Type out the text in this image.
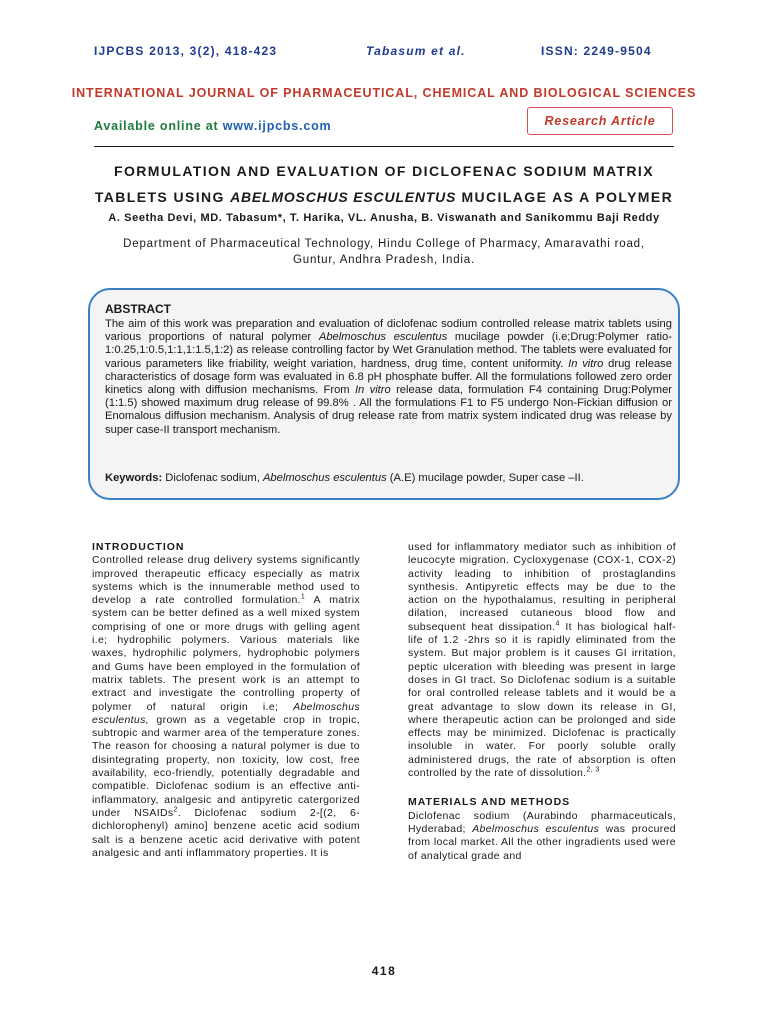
IJPCBS 2013, 3(2), 418-423	Tabasum et al.	ISSN: 2249-9504
INTERNATIONAL JOURNAL OF PHARMACEUTICAL, CHEMICAL AND BIOLOGICAL SCIENCES
Available online at www.ijpcbs.com	Research Article
FORMULATION AND EVALUATION OF DICLOFENAC SODIUM MATRIX
TABLETS USING ABELMOSCHUS ESCULENTUS MUCILAGE AS A POLYMER
A. Seetha Devi, MD. Tabasum*, T. Harika, VL. Anusha, B. Viswanath and Sanikommu Baji Reddy
Department of Pharmaceutical Technology, Hindu College of Pharmacy, Amaravathi road,
Guntur, Andhra Pradesh, India.
ABSTRACT
The aim of this work was preparation and evaluation of diclofenac sodium controlled release matrix tablets using various proportions of natural polymer Abelmoschus esculentus mucilage powder (i.e;Drug:Polymer ratio-1:0.25,1:0.5,1:1,1:1.5,1:2) as release controlling factor by Wet Granulation method. The tablets were evaluated for various parameters like friability, weight variation, hardness, drug time, content uniformity. In vitro drug release characteristics of dosage form was evaluated in 6.8 pH phosphate buffer. All the formulations followed zero order kinetics along with diffusion mechanisms. From In vitro release data, formulation F4 containing Drug:Polymer (1:1.5) showed maximum drug release of 99.8% . All the formulations F1 to F5 undergo Non-Fickian diffusion or Enomalous diffusion mechanism. Analysis of drug release rate from matrix system indicated drug was release by super case-II transport mechanism.
Keywords: Diclofenac sodium, Abelmoschus esculentus (A.E) mucilage powder, Super case –II.
INTRODUCTION
Controlled release drug delivery systems significantly improved therapeutic efficacy especially as matrix systems which is the innumerable method used to develop a rate controlled formulation.$^1$ A matrix system can be better defined as a well mixed system comprising of one or more drugs with gelling agent i.e; hydrophilic polymers. Various materials like waxes, hydrophilic polymers, hydrophobic polymers and Gums have been employed in the formulation of matrix tablets. The present work is an attempt to extract and investigate the controlling property of polymer of natural origin i.e; Abelmoschus esculentus, grown as a vegetable crop in tropic, subtropic and warmer area of the temperature zones. The reason for choosing a natural polymer is due to disintegrating property, non toxicity, low cost, free availability, eco-friendly, potentially degradable and compatible. Diclofenac sodium is an effective anti-inflammatory, analgesic and antipyretic catergorized under NSAIDs$^2$. Diclofenac sodium 2-[(2, 6-dichlorophenyl) amino] benzene acetic acid sodium salt is a benzene acetic acid derivative with potent analgesic and anti inflammatory properties. It is
used for inflammatory mediator such as inhibition of leucocyte migration. Cycloxygenase (COX-1, COX-2) activity leading to inhibition of prostaglandins synthesis. Antipyretic effects may be due to the action on the hypothalamus, resulting in peripheral dilation, increased cutaneous blood flow and subsequent heat dissipation.$^4$ It has biological half-life of 1.2 -2hrs so it is rapidly eliminated from the system. But major problem is it causes GI irritation, peptic ulceration with bleeding was present in large doses in GI tract. So Diclofenac sodium is a suitable for oral controlled release tablets and it would be a great advantage to slow down its release in GI, where therapeutic action can be prolonged and side effects may be minimized. Diclofenac is practically insoluble in water. For poorly soluble orally administered drugs, the rate of absorption is often controlled by the rate of dissolution.$^{2, 3}$
MATERIALS AND METHODS
Diclofenac sodium (Aurabindo pharmaceuticals, Hyderabad; Abelmoschus esculentus was procured from local market. All the other ingradients used were of analytical grade and
418
